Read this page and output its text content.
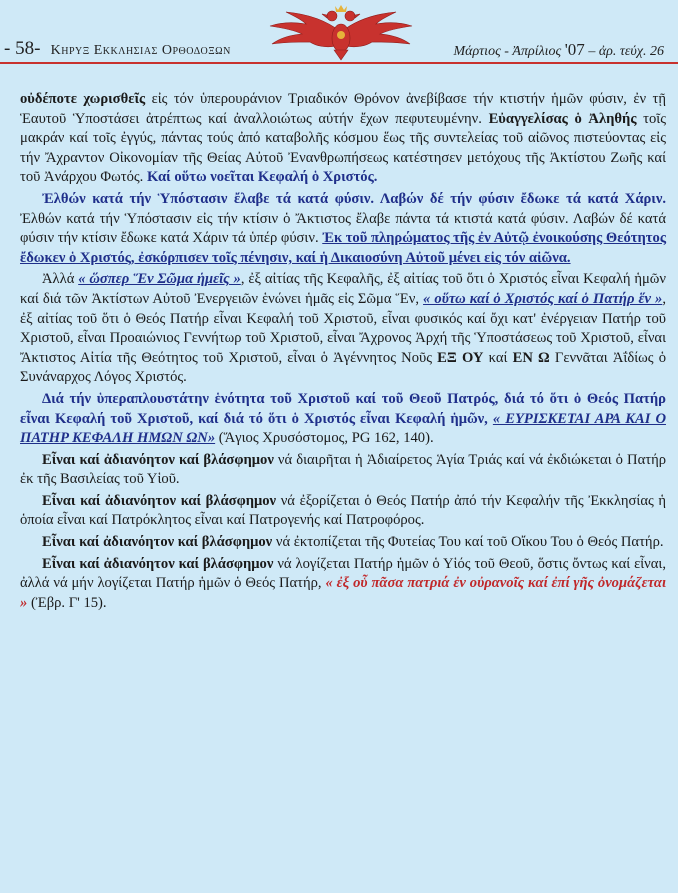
- 58- Κηρυξ Εκκλησιας Ορθοδοξων	Μάρτιος - Ἀπρίλιος '07 – ἀρ. τεύχ. 26

οὐδέποτε χωρισθεῖς εἰς τόν ὑπερουράνιον Τριαδικόν Θρόνον ἀνεβίβασε τήν κτιστήν ἡμῶν φύσιν, ἐν τῇ Ἑαυτοῦ Ὑποστάσει ἀτρέπτως καί ἀναλλοιώτως αὐτήν ἔχων πεφυτευμένην. Εὐαγγελίσας ὁ Ἀληθής τοῖς μακράν καί τοῖς ἐγγύς, πάντας τούς ἀπό καταβολῆς κόσμου ἕως τῆς συντελείας τοῦ αἰῶνος πιστεύοντας εἰς τήν Ἄχραντον Οἰκονομίαν τῆς Θείας Αὐτοῦ Ἐνανθρωπήσεως κατέστησεν μετόχους τῆς Ἀκτίστου Ζωῆς καί τοῦ Ἀνάρχου Φωτός. Καί οὕτω νοεῖται Κεφαλή ὁ Χριστός.

Ἐλθών κατά τήν Ὑπόστασιν ἔλαβε τά κατά φύσιν. Λαβών δέ τήν φύσιν ἔδωκε τά κατά Χάριν. Ἐλθών κατά τήν Ὑπόστασιν εἰς τήν κτίσιν ὁ Ἄκτιστος ἔλαβε πάντα τά κτιστά κατά φύσιν. Λαβών δέ κατά φύσιν τήν κτίσιν ἔδωκε κατά Χάριν τά ὑπέρ φύσιν. Ἐκ τοῦ πληρώματος τῆς ἐν Αὐτῷ ἐνοικούσης Θεότητος ἔδωκεν ὁ Χριστός, ἐσκόρπισεν τοῖς πένησιν, καί ἡ Δικαιοσύνη Αὐτοῦ μένει εἰς τόν αἰῶνα.

Ἀλλά « ὥσπερ Ἕν Σῶμα ἡμεῖς », ἐξ αἰτίας τῆς Κεφαλῆς, ἐξ αἰτίας τοῦ ὅτι ὁ Χριστός εἶναι Κεφαλή ἡμῶν καί διά τῶν Ἀκτίστων Αὐτοῦ Ἐνεργειῶν ἑνώνει ἡμᾶς εἰς Σῶμα Ἕν, « οὕτω καί ὁ Χριστός καί ὁ Πατήρ ἕν », ἐξ αἰτίας τοῦ ὅτι ὁ Θεός Πατήρ εἶναι Κεφαλή τοῦ Χριστοῦ, εἶναι φυσικός καί ὄχι κατ' ἐνέργειαν Πατήρ τοῦ Χριστοῦ, εἶναι Προαιώνιος Γεννήτωρ τοῦ Χριστοῦ, εἶναι Ἄχρονος Ἀρχή τῆς Ὑποστάσεως τοῦ Χριστοῦ, εἶναι Ἄκτιστος Αἰτία τῆς Θεότητος τοῦ Χριστοῦ, εἶναι ὁ Ἀγέννητος Νοῦς ΕΞ ΟΥ καί ΕΝ Ω Γεννᾶται Ἀΐδίως ὁ Συνάναρχος Λόγος Χριστός.

Διά τήν ὑπεραπλουστάτην ἑνότητα τοῦ Χριστοῦ καί τοῦ Θεοῦ Πατρός, διά τό ὅτι ὁ Θεός Πατήρ εἶναι Κεφαλή τοῦ Χριστοῦ, καί διά τό ὅτι ὁ Χριστός εἶναι Κεφαλή ἡμῶν, « ΕΥΡΙΣΚΕΤΑΙ ΑΡΑ ΚΑΙ Ο ΠΑΤΗΡ ΚΕΦΑΛΗ ΗΜΩΝ ΩΝ» (Ἅγιος Χρυσόστομος, PG 162, 140).

Εἶναι καί ἀδιανόητον καί βλάσφημον νά διαιρῆται ἡ Ἀδιαίρετος Ἁγία Τριάς καί νά ἐκδιώκεται ὁ Πατήρ ἐκ τῆς Βασιλείας τοῦ Υἱοῦ.

Εἶναι καί ἀδιανόητον καί βλάσφημον νά ἐξορίζεται ὁ Θεός Πατήρ ἀπό τήν Κεφαλήν τῆς Ἐκκλησίας ἡ ὁποία εἶναι καί Πατρόκλητος εἶναι καί Πατρογενής καί Πατροφόρος.

Εἶναι καί ἀδιανόητον καί βλάσφημον νά ἐκτοπίζεται τῆς Φυτείας Του καί τοῦ Οἴκου Του ὁ Θεός Πατήρ.

Εἶναι καί ἀδιανόητον καί βλάσφημον νά λογίζεται Πατήρ ἡμῶν ὁ Υἱός τοῦ Θεοῦ, ὅστις ὄντως καί εἶναι, ἀλλά νά μήν λογίζεται Πατήρ ἡμῶν ὁ Θεός Πατήρ, « ἐξ οὗ πᾶσα πατριά ἐν οὐρανοῖς καί ἐπί γῆς ὀνομάζεται » (Ἐβρ. Γ' 15).
